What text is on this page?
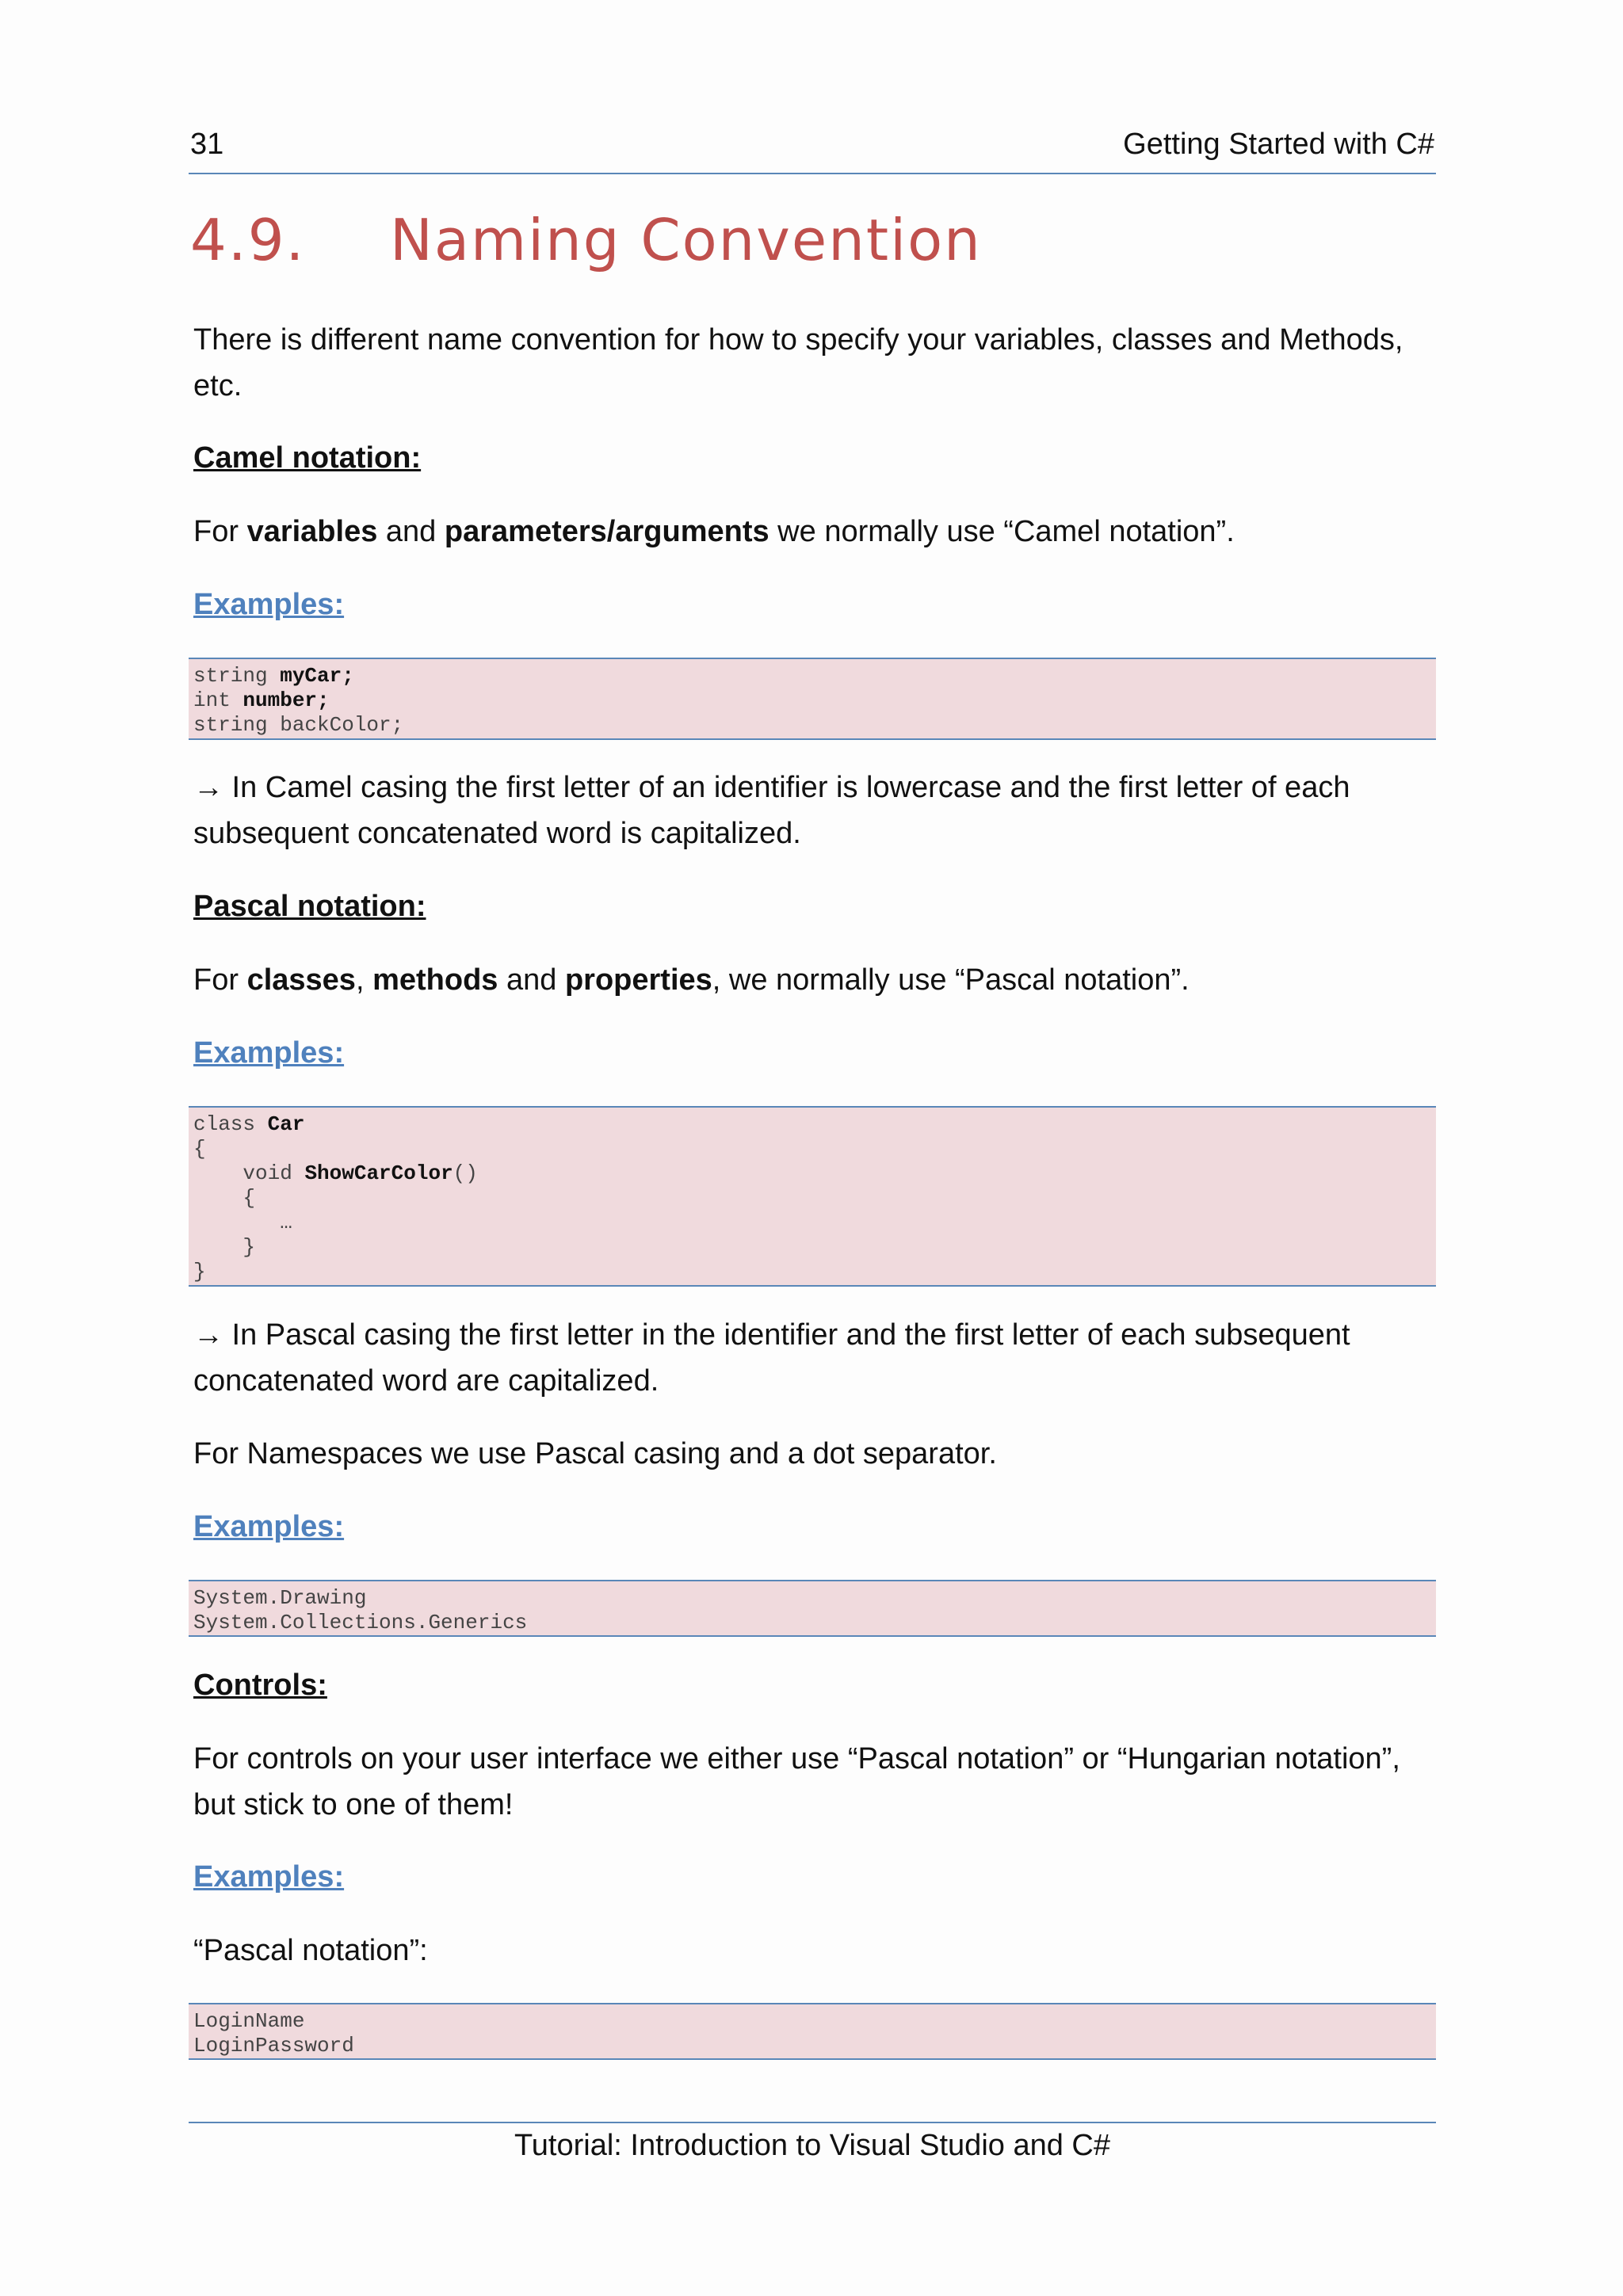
31	Getting Started with C#
4.9. Naming Convention

There is different name convention for how to specify your variables, classes and Methods, etc.

Camel notation:

For variables and parameters/arguments we normally use “Camel notation”.

Examples:

string myCar;
int number;
string backColor;

→ In Camel casing the first letter of an identifier is lowercase and the first letter of each subsequent concatenated word is capitalized.

Pascal notation:

For classes, methods and properties, we normally use “Pascal notation”.

Examples:

class Car
{
void ShowCarColor()
{
…
}
}

→ In Pascal casing the first letter in the identifier and the first letter of each subsequent concatenated word are capitalized.

For Namespaces we use Pascal casing and a dot separator.

Examples:

System.Drawing
System.Collections.Generics

Controls:

For controls on your user interface we either use “Pascal notation” or “Hungarian notation”, but stick to one of them!

Examples:

“Pascal notation”:

LoginName
LoginPassword
Tutorial: Introduction to Visual Studio and C#
